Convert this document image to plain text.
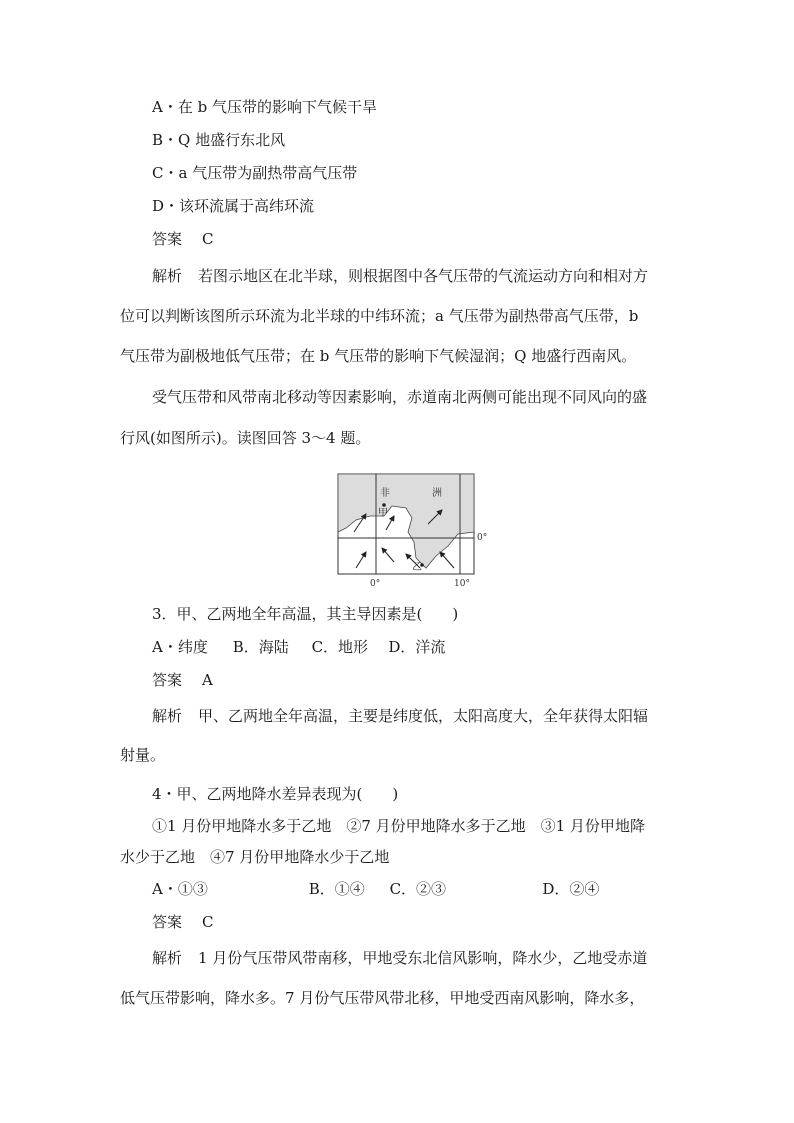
A・在 b 气压带的影响下气候干旱
B・Q 地盛行东北风
C・a 气压带为副热带高气压带
D・该环流属于高纬环流
答案 C
解析 若图示地区在北半球，则根据图中各气压带的气流运动方向和相对方
位可以判断该图所示环流为北半球的中纬环流；a 气压带为副热带高气压带，b
气压带为副极地低气压带；在 b 气压带的影响下气候湿润；Q 地盛行西南风。
受气压带和风带南北移动等因素影响，赤道南北两侧可能出现不同风向的盛
行风(如图所示)。读图回答 3～4 题。
非	洲
甲
乙
0°
0°	10°
3．甲、乙两地全年高温，其主导因素是(　　)
A・纬度 B．海陆 C．地形 D．洋流
答案 A
解析 甲、乙两地全年高温，主要是纬度低，太阳高度大，全年获得太阳辐
射量。
4・甲、乙两地降水差异表现为(　　)
①1 月份甲地降水多于乙地　②7 月份甲地降水多于乙地　③1 月份甲地降
水少于乙地　④7 月份甲地降水少于乙地
A・①③	B．①④ C．②③	D．②④
答案 C
解析 1 月份气压带风带南移，甲地受东北信风影响，降水少，乙地受赤道
低气压带影响，降水多。7 月份气压带风带北移，甲地受西南风影响，降水多，
